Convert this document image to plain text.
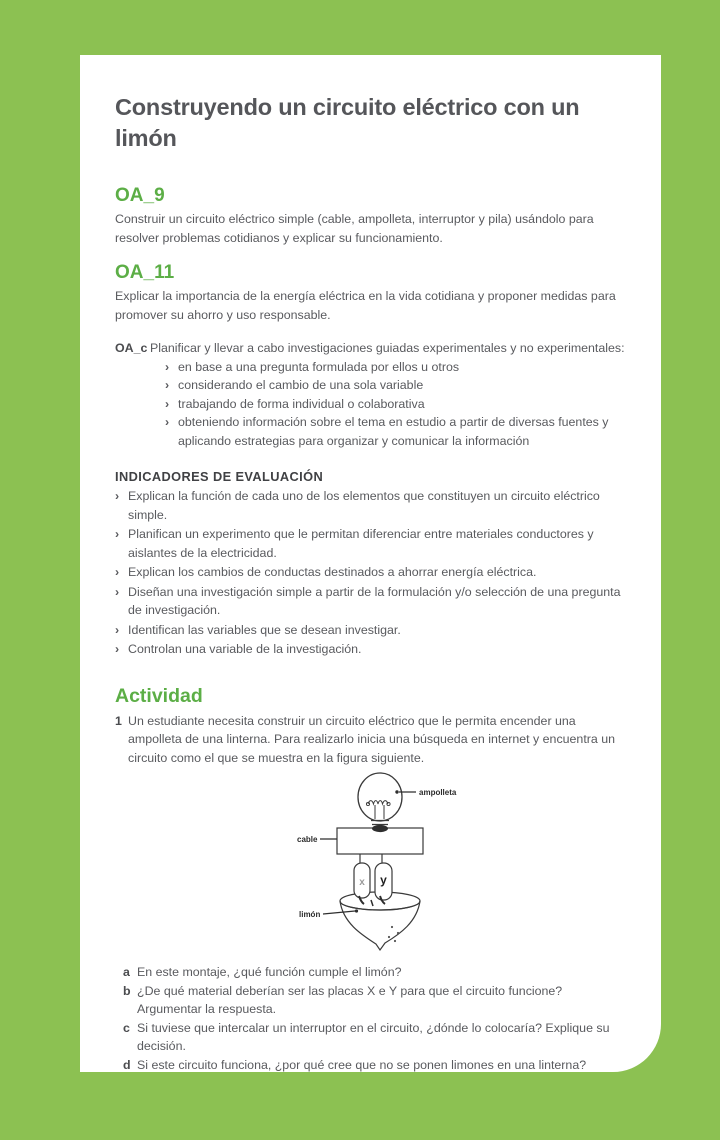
Construyendo un circuito eléctrico con un limón
OA_9

Construir un circuito eléctrico simple (cable, ampolleta, interruptor y pila) usándolo para resolver problemas cotidianos y explicar su funcionamiento.

OA_11

Explicar la importancia de la energía eléctrica en la vida cotidiana y proponer medidas para promover su ahorro y uso responsable.

OA_c Planificar y llevar a cabo investigaciones guiadas experimentales y no experimentales:
› en base a una pregunta formulada por ellos u otros
› considerando el cambio de una sola variable
› trabajando de forma individual o colaborativa
› obteniendo información sobre el tema en estudio a partir de diversas fuentes y aplicando estrategias para organizar y comunicar la información
INDICADORES DE EVALUACIÓN
› Explican la función de cada uno de los elementos que constituyen un circuito eléctrico simple.
› Planifican un experimento que le permitan diferenciar entre materiales conductores y aislantes de la electricidad.
› Explican los cambios de conductas destinados a ahorrar energía eléctrica.
› Diseñan una investigación simple a partir de la formulación y/o selección de una pregunta de investigación.
› Identifican las variables que se desean investigar.
› Controlan una variable de la investigación.
Actividad
1 Un estudiante necesita construir un circuito eléctrico que le permita encender una ampolleta de una linterna. Para realizarlo inicia una búsqueda en internet y encuentra un circuito como el que se muestra en la figura siguiente.
x y
ampolleta
cable
limón
a En este montaje, ¿qué función cumple el limón?
b ¿De qué material deberían ser las placas X e Y para que el circuito funcione? Argumentar la respuesta.
c Si tuviese que intercalar un interruptor en el circuito, ¿dónde lo colocaría? Explique su decisión.
d Si este circuito funciona, ¿por qué cree que no se ponen limones en una linterna?
